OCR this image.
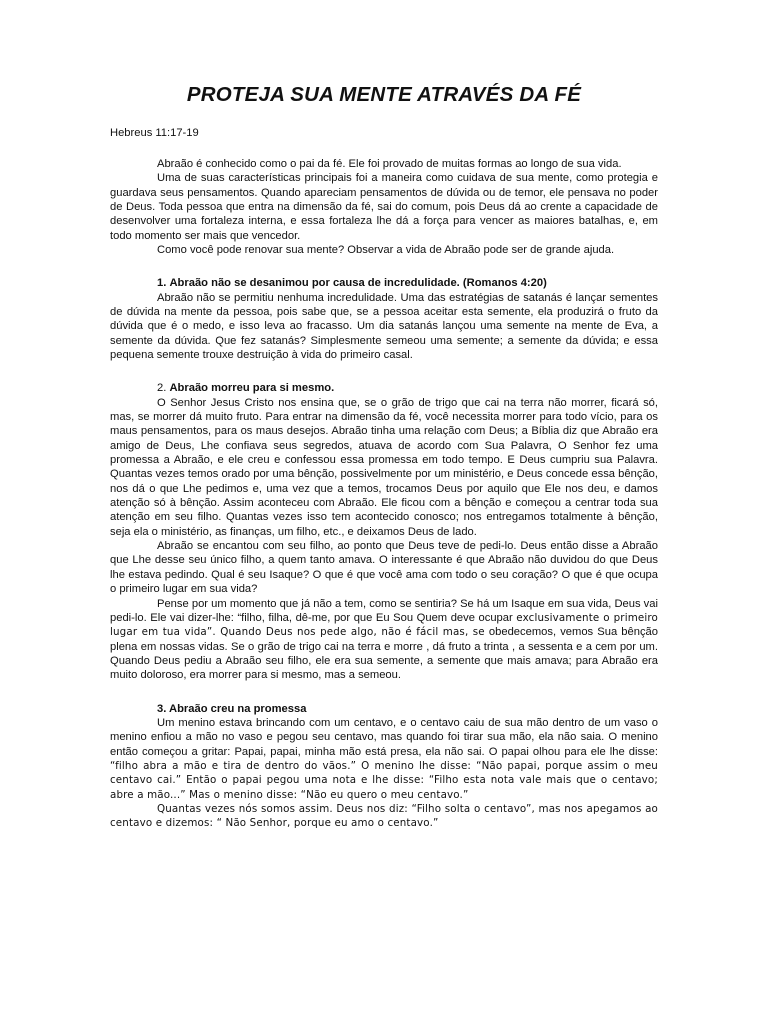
PROTEJA SUA MENTE ATRAVÉS DA FÉ

Hebreus 11:17-19

Abraão é conhecido como o pai da fé. Ele foi provado de muitas formas ao longo de sua vida.

Uma de suas características principais foi a maneira como cuidava de sua mente, como protegia e guardava seus pensamentos. Quando apareciam pensamentos de dúvida ou de temor, ele pensava no poder de Deus. Toda pessoa que entra na dimensão da fé, sai do comum, pois Deus dá ao crente a capacidade de desenvolver uma fortaleza interna, e essa fortaleza lhe dá a força para vencer as maiores batalhas, e, em todo momento ser mais que vencedor.

Como você pode renovar sua mente? Observar a vida de Abraão pode ser de grande ajuda.

1. Abraão não se desanimou por causa de incredulidade. (Romanos 4:20)

Abraão não se permitiu nenhuma incredulidade. Uma das estratégias de satanás é lançar sementes de dúvida na mente da pessoa, pois sabe que, se a pessoa aceitar esta semente, ela produzirá o fruto da dúvida que é o medo, e isso leva ao fracasso. Um dia satanás lançou uma semente na mente de Eva, a semente da dúvida. Que fez satanás? Simplesmente semeou uma semente; a semente da dúvida; e essa pequena semente trouxe destruição à vida do primeiro casal.

2. Abraão morreu para si mesmo.

O Senhor Jesus Cristo nos ensina que, se o grão de trigo que cai na terra não morrer, ficará só, mas, se morrer dá muito fruto. Para entrar na dimensão da fé, você necessita morrer para todo vício, para os maus pensamentos, para os maus desejos. Abraão tinha uma relação com Deus; a Bíblia diz que Abraão era amigo de Deus, Lhe confiava seus segredos, atuava de acordo com Sua Palavra, O Senhor fez uma promessa a Abraão, e ele creu e confessou essa promessa em todo tempo. E Deus cumpriu sua Palavra. Quantas vezes temos orado por uma bênção, possivelmente por um ministério, e Deus concede essa bênção, nos dá o que Lhe pedimos e, uma vez que a temos, trocamos Deus por aquilo que Ele nos deu, e damos atenção só à bênção. Assim aconteceu com Abraão. Ele ficou com a bênção e começou a centrar toda sua atenção em seu filho. Quantas vezes isso tem acontecido conosco; nos entregamos totalmente à bênção, seja ela o ministério, as finanças, um filho, etc., e deixamos Deus de lado.

Abraão se encantou com seu filho, ao ponto que Deus teve de pedi-lo. Deus então disse a Abraão que Lhe desse seu único filho, a quem tanto amava. O interessante é que Abraão não duvidou do que Deus lhe estava pedindo. Qual é seu Isaque? O que é que você ama com todo o seu coração? O que é que ocupa o primeiro lugar em sua vida?

Pense por um momento que já não a tem, como se sentiria? Se há um Isaque em sua vida, Deus vai pedi-lo. Ele vai dizer-lhe: “filho, filha, dê-me, por que Eu Sou Quem deve ocupar exclusivamente o primeiro lugar em tua vida”. Quando Deus nos pede algo, não é fácil mas, se obedecemos, vemos Sua bênção plena em nossas vidas. Se o grão de trigo cai na terra e morre , dá fruto a trinta , a sessenta e a cem por um. Quando Deus pediu a Abraão seu filho, ele era sua semente, a semente que mais amava; para Abraão era muito doloroso, era morrer para si mesmo, mas a semeou.

3. Abraão creu na promessa

Um menino estava brincando com um centavo, e o centavo caiu de sua mão dentro de um vaso o menino enfiou a mão no vaso e pegou seu centavo, mas quando foi tirar sua mão, ela não saia. O menino então começou a gritar: Papai, papai, minha mão está presa, ela não sai. O papai olhou para ele lhe disse: “filho abra a mão e tira de dentro do vãos.” O menino lhe disse: “Não papai, porque assim o meu centavo cai.” Então o papai pegou uma nota e lhe disse: “Filho esta nota vale mais que o centavo; abre a mão...” Mas o menino disse: “Não eu quero o meu centavo.”

Quantas vezes nós somos assim. Deus nos diz: “Filho solta o centavo”, mas nos apegamos ao centavo e dizemos: “ Não Senhor, porque eu amo o centavo.”
